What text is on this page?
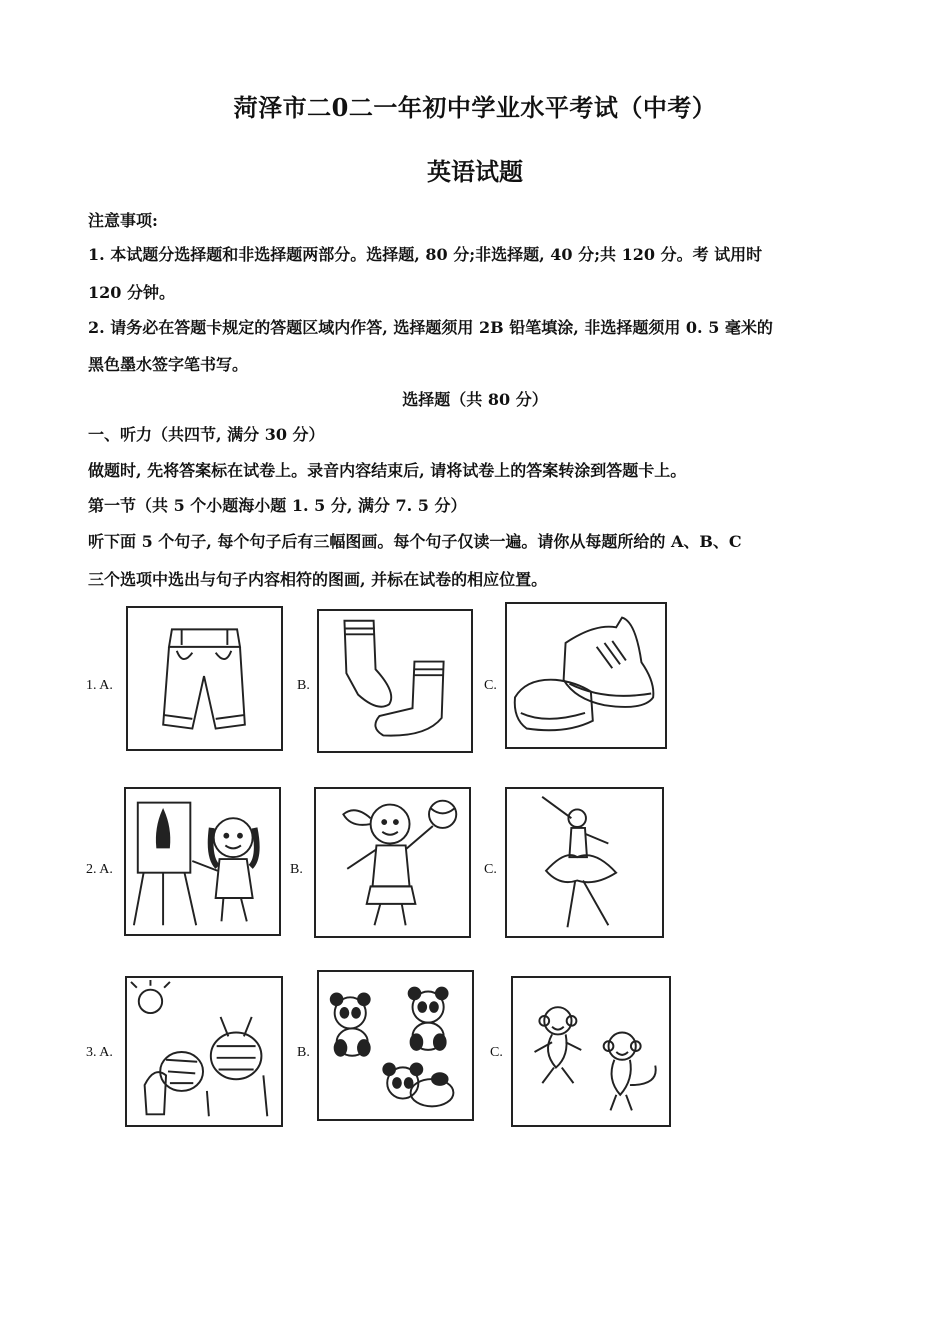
菏泽市二0二一年初中学业水平考试（中考）
英语试题
注意事项:
1. 本试题分选择题和非选择题两部分。选择题, 80 分;非选择题, 40 分;共 120 分。考 试用时
120 分钟。
2. 请务必在答题卡规定的答题区域内作答, 选择题须用 2B 铅笔填涂, 非选择题须用 0. 5 毫米的
黑色墨水签字笔书写。
选择题（共 80 分）
一、听力（共四节, 满分 30 分）
做题时, 先将答案标在试卷上。录音内容结束后, 请将试卷上的答案转涂到答题卡上。
第一节（共 5 个小题海小题 1. 5 分, 满分 7. 5 分）
听下面 5 个句子, 每个句子后有三幅图画。每个句子仅读一遍。请你从每题所给的 A、B、C
三个选项中选出与句子内容相符的图画, 并标在试卷的相应位置。
1. A.	B.	C.
2. A.	B.	C.
3. A.	B.	C.
